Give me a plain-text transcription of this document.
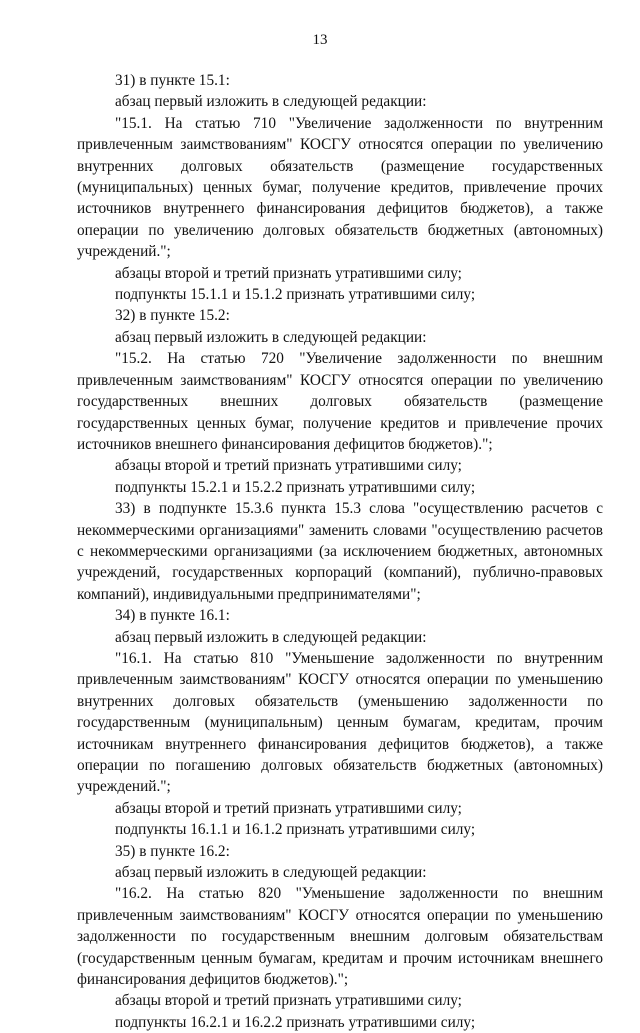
13

31) в пункте 15.1:

абзац первый изложить в следующей редакции:

"15.1. На статью 710 "Увеличение задолженности по внутренним привлеченным заимствованиям" КОСГУ относятся операции по увеличению внутренних долговых обязательств (размещение государственных (муниципальных) ценных бумаг, получение кредитов, привлечение прочих источников внутреннего финансирования дефицитов бюджетов), а также операции по увеличению долговых обязательств бюджетных (автономных) учреждений.";

абзацы второй и третий признать утратившими силу;

подпункты 15.1.1 и 15.1.2 признать утратившими силу;

32) в пункте 15.2:

абзац первый изложить в следующей редакции:

"15.2. На статью 720 "Увеличение задолженности по внешним привлеченным заимствованиям" КОСГУ относятся операции по увеличению государственных внешних долговых обязательств (размещение государственных ценных бумаг, получение кредитов и привлечение прочих источников внешнего финансирования дефицитов бюджетов).";

абзацы второй и третий признать утратившими силу;

подпункты 15.2.1 и 15.2.2 признать утратившими силу;

33) в подпункте 15.3.6 пункта 15.3 слова "осуществлению расчетов с некоммерческими организациями" заменить словами "осуществлению расчетов с некоммерческими организациями (за исключением бюджетных, автономных учреждений, государственных корпораций (компаний), публично-правовых компаний), индивидуальными предпринимателями";

34) в пункте 16.1:

абзац первый изложить в следующей редакции:

"16.1. На статью 810 "Уменьшение задолженности по внутренним привлеченным заимствованиям" КОСГУ относятся операции по уменьшению внутренних долговых обязательств (уменьшению задолженности по государственным (муниципальным) ценным бумагам, кредитам, прочим источникам внутреннего финансирования дефицитов бюджетов), а также операции по погашению долговых обязательств бюджетных (автономных) учреждений.";

абзацы второй и третий признать утратившими силу;

подпункты 16.1.1 и 16.1.2 признать утратившими силу;

35) в пункте 16.2:

абзац первый изложить в следующей редакции:

"16.2. На статью 820 "Уменьшение задолженности по внешним привлеченным заимствованиям" КОСГУ относятся операции по уменьшению задолженности по государственным внешним долговым обязательствам (государственным ценным бумагам, кредитам и прочим источникам внешнего финансирования дефицитов бюджетов).";

абзацы второй и третий признать утратившими силу;

подпункты 16.2.1 и 16.2.2 признать утратившими силу;
